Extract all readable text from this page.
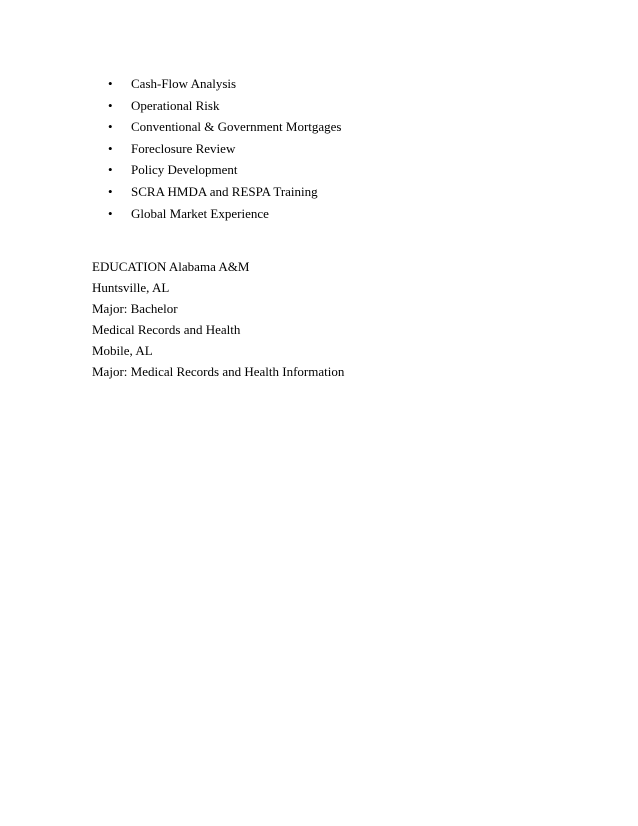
• Cash-Flow Analysis
• Operational Risk
• Conventional & Government Mortgages
• Foreclosure Review
• Policy Development
• SCRA HMDA and RESPA Training
• Global Market Experience
EDUCATION Alabama A&M
Huntsville, AL
Major: Bachelor
Medical Records and Health
Mobile, AL
Major: Medical Records and Health Information
